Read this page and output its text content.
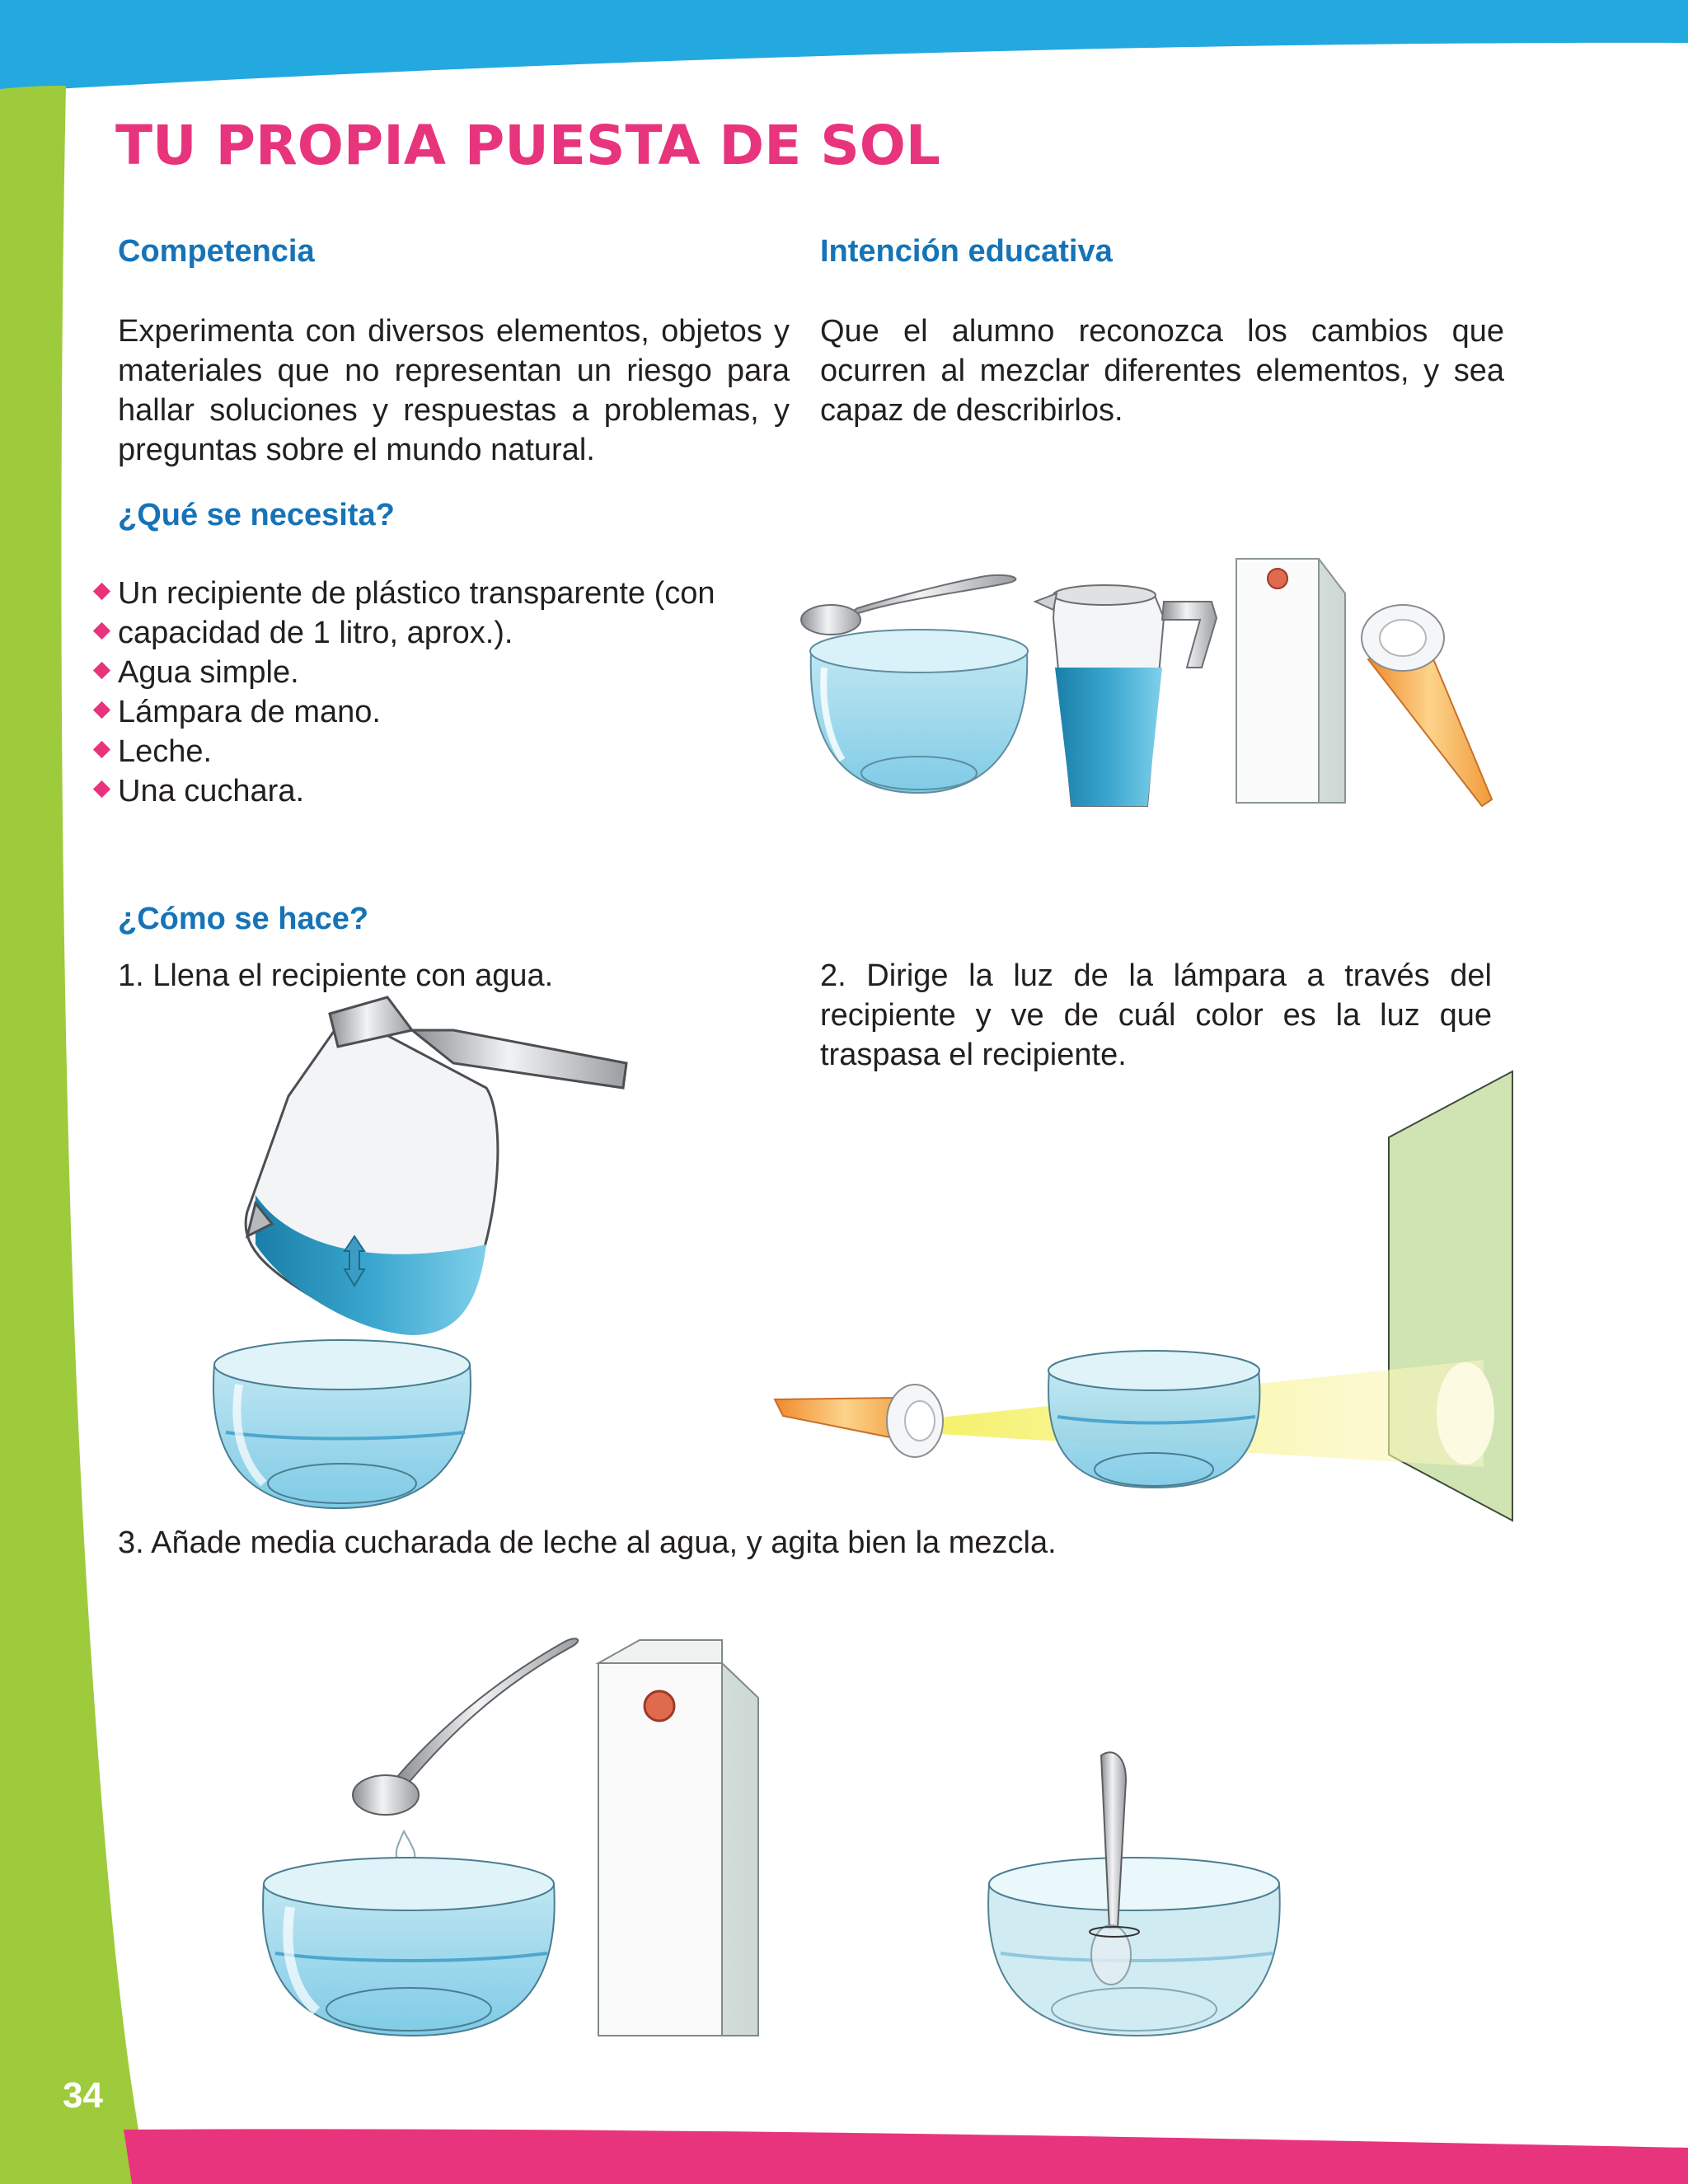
TU PROPIA PUESTA DE SOL
Competencia
Experimenta con diversos elementos, objetos y materiales que no representan un riesgo para hallar soluciones y respuestas a problemas, y preguntas sobre el mundo natural.
Intención educativa
Que el alumno reconozca los cambios que ocurren al mezclar diferentes elementos, y sea capaz de describirlos.
¿Qué se necesita?
Un recipiente de plástico transparente (con
capacidad de 1 litro, aprox.).
Agua simple.
Lámpara de mano.
Leche.
Una cuchara.
¿Cómo se hace?
1. Llena el recipiente con agua.	2. Dirige la luz de la lámpara a través del recipiente y ve de cuál color es la luz que traspasa el recipiente.
3. Añade media cucharada de leche al agua, y agita bien la mezcla.
34
